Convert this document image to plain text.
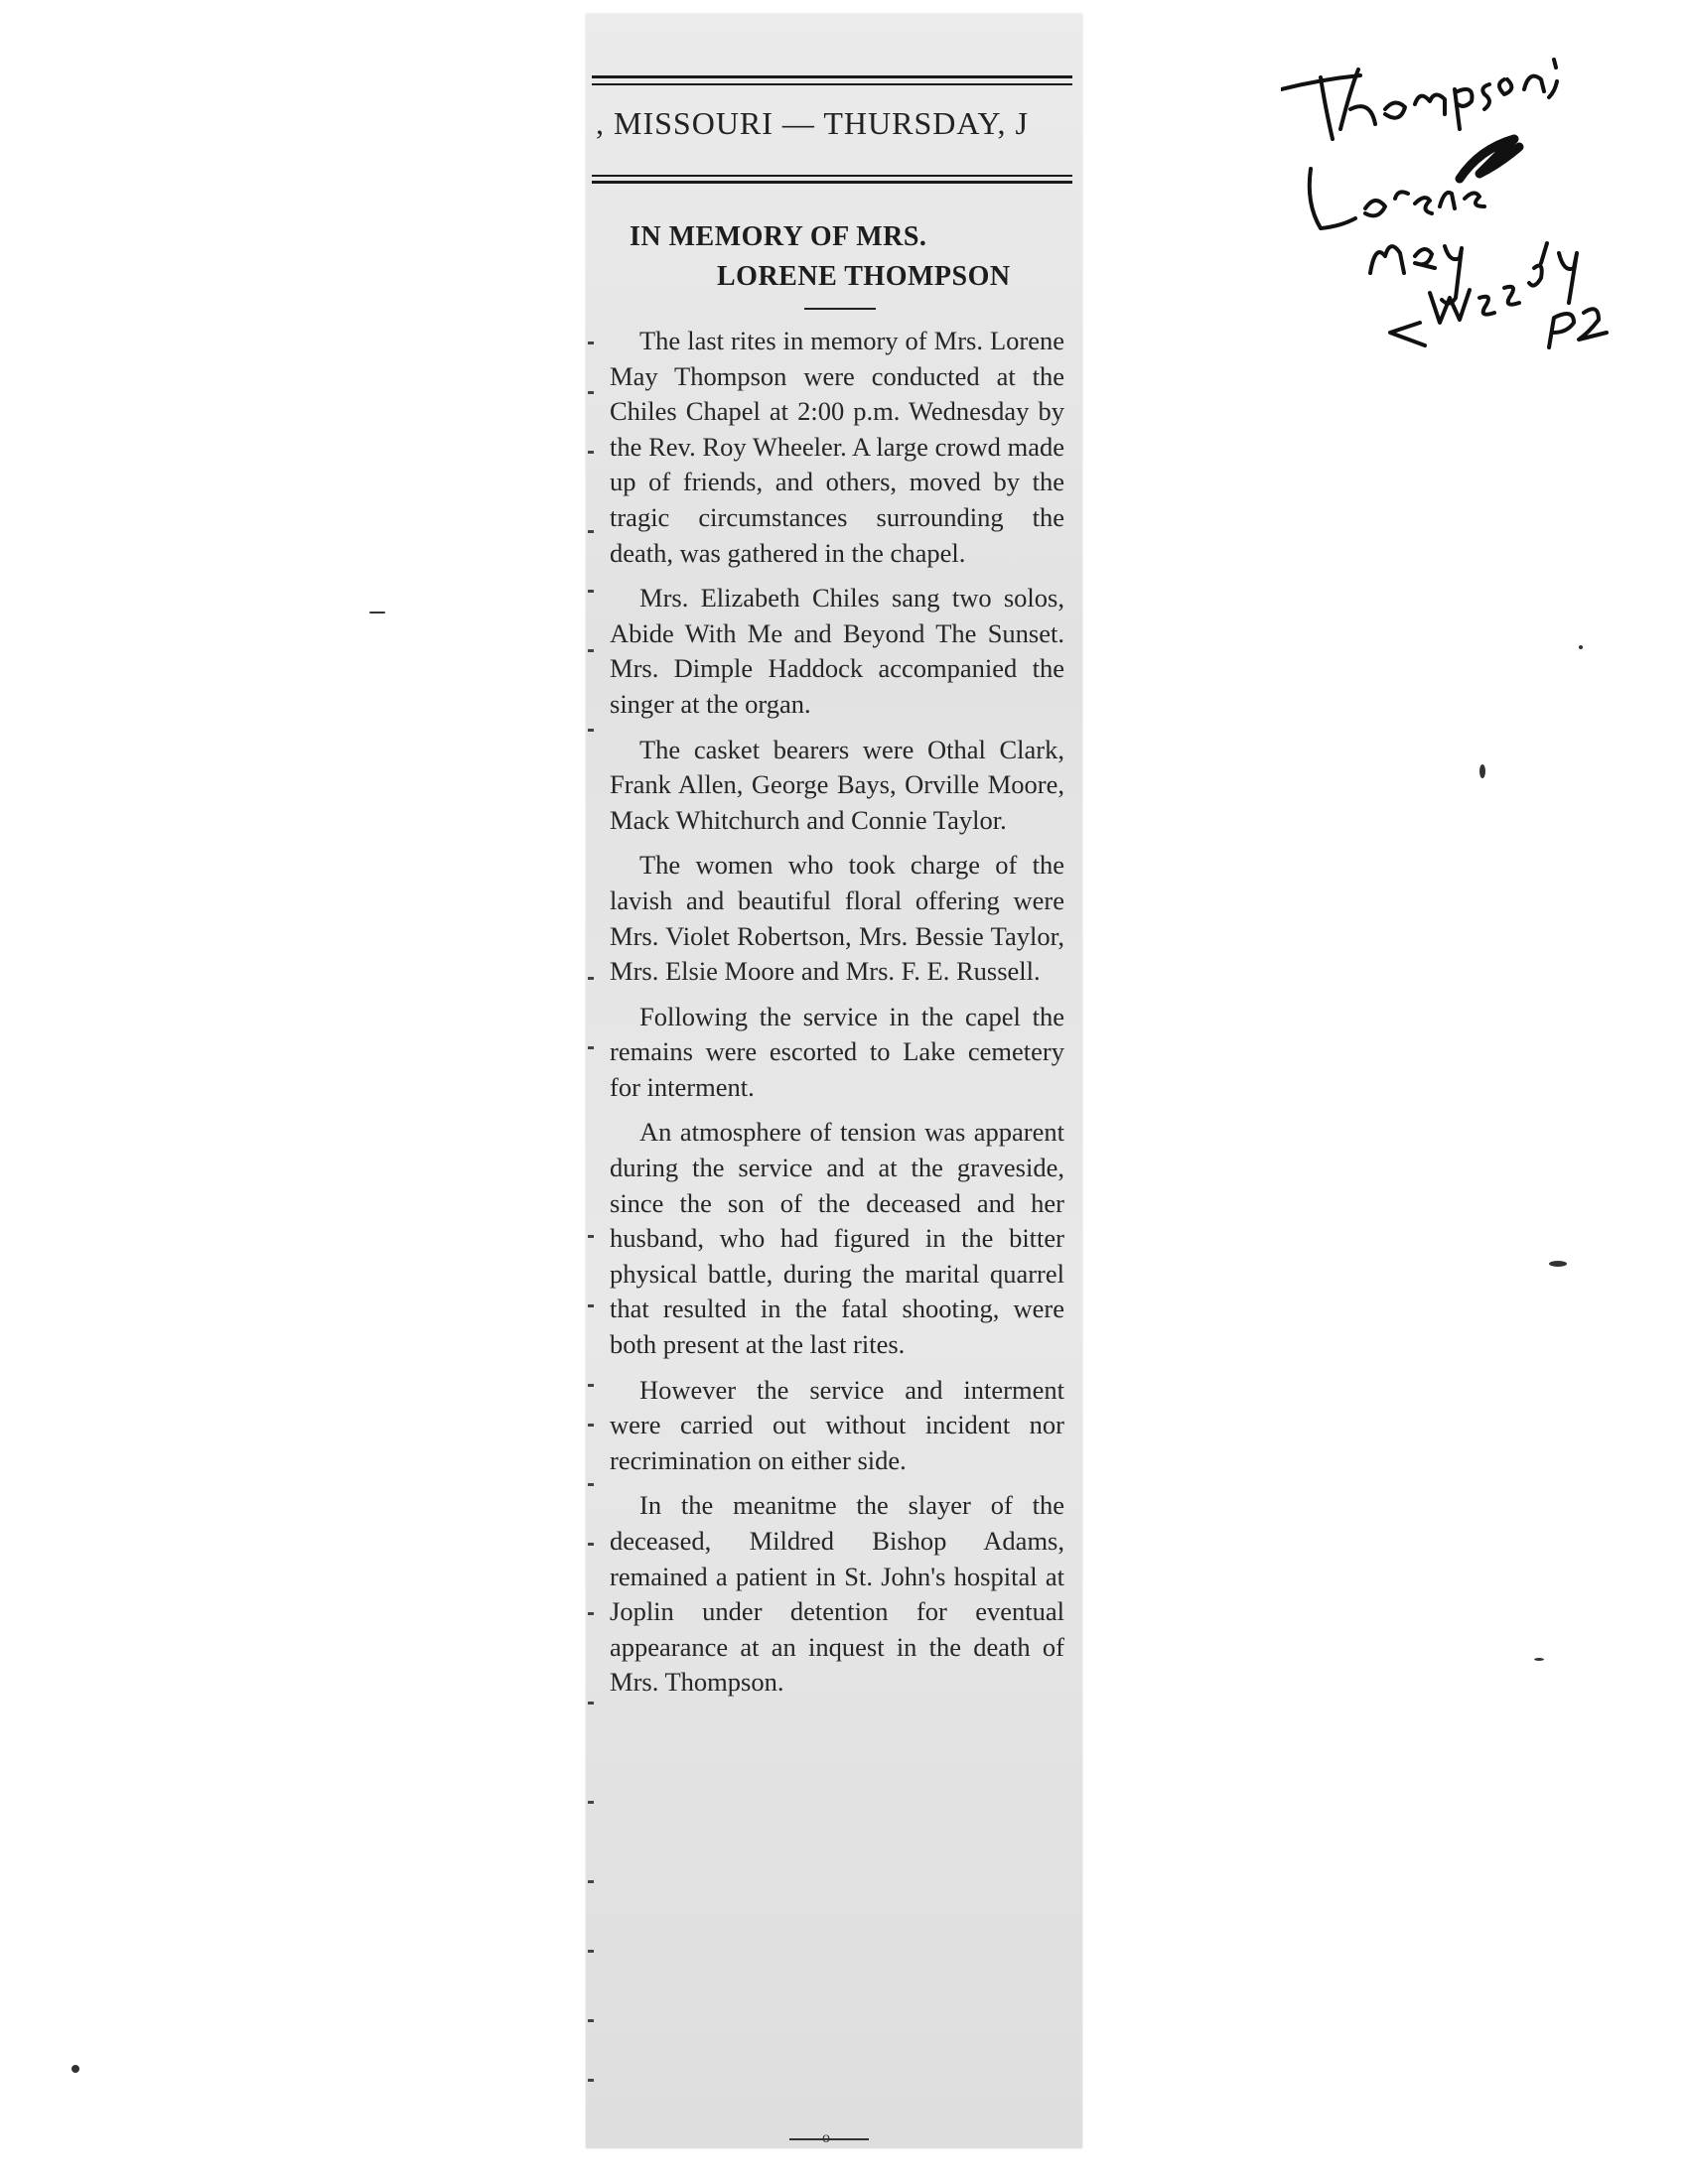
, MISSOURI — THURSDAY, J
IN MEMORY OF MRS.
LORENE THOMPSON

The last rites in memory of Mrs. Lorene May Thompson were conducted at the Chiles Chapel at 2:00 p.m. Wednesday by the Rev. Roy Wheeler. A large crowd made up of friends, and others, moved by the tragic circumstances surrounding the death, was gathered in the chapel.

Mrs. Elizabeth Chiles sang two solos, Abide With Me and Beyond The Sunset. Mrs. Dimple Haddock accompanied the singer at the organ.

The casket bearers were Othal Clark, Frank Allen, George Bays, Orville Moore, Mack Whitchurch and Connie Taylor.

The women who took charge of the lavish and beautiful floral offering were Mrs. Violet Robertson, Mrs. Bessie Taylor, Mrs. Elsie Moore and Mrs. F. E. Russell.

Following the service in the capel the remains were escorted to Lake cemetery for interment.

An atmosphere of tension was apparent during the service and at the graveside, since the son of the deceased and her husband, who had figured in the bitter physical battle, during the marital quarrel that resulted in the fatal shooting, were both present at the last rites.

However the service and interment were carried out without incident nor recrimination on either side.

In the meanitme the slayer of the deceased, Mildred Bishop Adams, remained a patient in St. John's hospital at Joplin under detention for eventual appearance at an inquest in the death of Mrs. Thompson.

o
